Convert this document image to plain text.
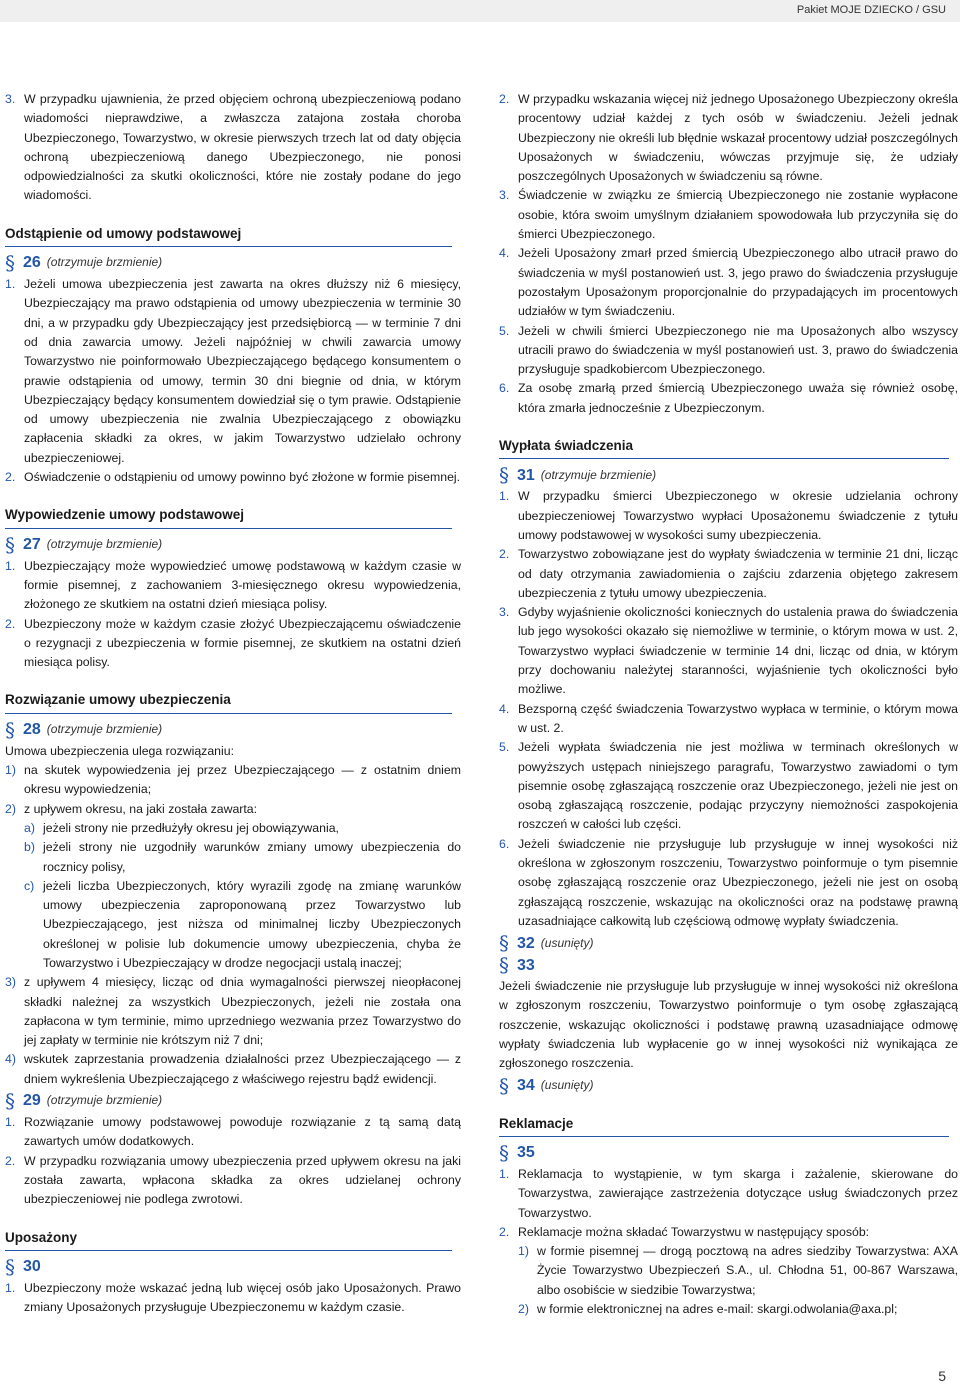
Pakiet MOJE DZIECKO / GSU
3. W przypadku ujawnienia, że przed objęciem ochroną ubezpieczeniową podano wiadomości nieprawdziwe, a zwłaszcza zatajona została choroba Ubezpieczonego, Towarzystwo, w okresie pierwszych trzech lat od daty objęcia ochroną ubezpieczeniową danego Ubezpieczonego, nie ponosi odpowiedzialności za skutki okoliczności, które nie zostały podane do jego wiadomości.
Odstąpienie od umowy podstawowej
§ 26 (otrzymuje brzmienie)
1. Jeżeli umowa ubezpieczenia jest zawarta na okres dłuższy niż 6 miesięcy, Ubezpieczający ma prawo odstąpienia od umowy ubezpieczenia w terminie 30 dni, a w przypadku gdy Ubezpieczający jest przedsiębiorcą — w terminie 7 dni od dnia zawarcia umowy. Jeżeli najpóźniej w chwili zawarcia umowy Towarzystwo nie poinformowało Ubezpieczającego będącego konsumentem o prawie odstąpienia od umowy, termin 30 dni biegnie od dnia, w którym Ubezpieczający będący konsumentem dowiedział się o tym prawie. Odstąpienie od umowy ubezpieczenia nie zwalnia Ubezpieczającego z obowiązku zapłacenia składki za okres, w jakim Towarzystwo udzielało ochrony ubezpieczeniowej.
2. Oświadczenie o odstąpieniu od umowy powinno być złożone w formie pisemnej.
Wypowiedzenie umowy podstawowej
§ 27 (otrzymuje brzmienie)
1. Ubezpieczający może wypowiedzieć umowę podstawową w każdym czasie w formie pisemnej, z zachowaniem 3-miesięcznego okresu wypowiedzenia, złożonego ze skutkiem na ostatni dzień miesiąca polisy.
2. Ubezpieczony może w każdym czasie złożyć Ubezpieczającemu oświadczenie o rezygnacji z ubezpieczenia w formie pisemnej, ze skutkiem na ostatni dzień miesiąca polisy.
Rozwiązanie umowy ubezpieczenia
§ 28 (otrzymuje brzmienie)

Umowa ubezpieczenia ulega rozwiązaniu:

1) na skutek wypowiedzenia jej przez Ubezpieczającego — z ostatnim dniem okresu wypowiedzenia;
2) z upływem okresu, na jaki została zawarta:
a) jeżeli strony nie przedłużyły okresu jej obowiązywania,
b) jeżeli strony nie uzgodniły warunków zmiany umowy ubezpieczenia do rocznicy polisy,
c) jeżeli liczba Ubezpieczonych, który wyrazili zgodę na zmianę warunków umowy ubezpieczenia zaproponowaną przez Towarzystwo lub Ubezpieczającego, jest niższa od minimalnej liczby Ubezpieczonych określonej w polisie lub dokumencie umowy ubezpieczenia, chyba że Towarzystwo i Ubezpieczający w drodze negocjacji ustalą inaczej;
3) z upływem 4 miesięcy, licząc od dnia wymagalności pierwszej nieopłaconej składki należnej za wszystkich Ubezpieczonych, jeżeli nie została ona zapłacona w tym terminie, mimo uprzedniego wezwania przez Towarzystwo do jej zapłaty w terminie nie krótszym niż 7 dni;
4) wskutek zaprzestania prowadzenia działalności przez Ubezpieczającego — z dniem wykreślenia Ubezpieczającego z właściwego rejestru bądź ewidencji.
§ 29 (otrzymuje brzmienie)
1. Rozwiązanie umowy podstawowej powoduje rozwiązanie z tą samą datą zawartych umów dodatkowych.
2. W przypadku rozwiązania umowy ubezpieczenia przed upływem okresu na jaki została zawarta, wpłacona składka za okres udzielanej ochrony ubezpieczeniowej nie podlega zwrotowi.
Uposażony
§ 30
1. Ubezpieczony może wskazać jedną lub więcej osób jako Uposażonych. Prawo zmiany Uposażonych przysługuje Ubezpieczonemu w każdym czasie.
2. W przypadku wskazania więcej niż jednego Uposażonego Ubezpieczony określa procentowy udział każdej z tych osób w świadczeniu. Jeżeli jednak Ubezpieczony nie określi lub błędnie wskazał procentowy udział poszczególnych Uposażonych w świadczeniu, wówczas przyjmuje się, że udziały poszczególnych Uposażonych w świadczeniu są równe.
3. Świadczenie w związku ze śmiercią Ubezpieczonego nie zostanie wypłacone osobie, która swoim umyślnym działaniem spowodowała lub przyczyniła się do śmierci Ubezpieczonego.
4. Jeżeli Uposażony zmarł przed śmiercią Ubezpieczonego albo utracił prawo do świadczenia w myśl postanowień ust. 3, jego prawo do świadczenia przysługuje pozostałym Uposażonym proporcjonalnie do przypadających im procentowych udziałów w tym świadczeniu.
5. Jeżeli w chwili śmierci Ubezpieczonego nie ma Uposażonych albo wszyscy utracili prawo do świadczenia w myśl postanowień ust. 3, prawo do świadczenia przysługuje spadkobiercom Ubezpieczonego.
6. Za osobę zmarłą przed śmiercią Ubezpieczonego uważa się również osobę, która zmarła jednocześnie z Ubezpieczonym.
Wypłata świadczenia
§ 31 (otrzymuje brzmienie)
1. W przypadku śmierci Ubezpieczonego w okresie udzielania ochrony ubezpieczeniowej Towarzystwo wypłaci Uposażonemu świadczenie z tytułu umowy podstawowej w wysokości sumy ubezpieczenia.
2. Towarzystwo zobowiązane jest do wypłaty świadczenia w terminie 21 dni, licząc od daty otrzymania zawiadomienia o zajściu zdarzenia objętego zakresem ubezpieczenia z tytułu umowy ubezpieczenia.
3. Gdyby wyjaśnienie okoliczności koniecznych do ustalenia prawa do świadczenia lub jego wysokości okazało się niemożliwe w terminie, o którym mowa w ust. 2, Towarzystwo wypłaci świadczenie w terminie 14 dni, licząc od dnia, w którym przy dochowaniu należytej staranności, wyjaśnienie tych okoliczności było możliwe.
4. Bezsporną część świadczenia Towarzystwo wypłaca w terminie, o którym mowa w ust. 2.
5. Jeżeli wypłata świadczenia nie jest możliwa w terminach określonych w powyższych ustępach niniejszego paragrafu, Towarzystwo zawiadomi o tym pisemnie osobę zgłaszającą roszczenie oraz Ubezpieczonego, jeżeli nie jest on osobą zgłaszającą roszczenie, podając przyczyny niemożności zaspokojenia roszczeń w całości lub części.
6. Jeżeli świadczenie nie przysługuje lub przysługuje w innej wysokości niż określona w zgłoszonym roszczeniu, Towarzystwo poinformuje o tym pisemnie osobę zgłaszającą roszczenie oraz Ubezpieczonego, jeżeli nie jest on osobą zgłaszającą roszczenie, wskazując na okoliczności oraz na podstawę prawną uzasadniające całkowitą lub częściową odmowę wypłaty świadczenia.
§ 32 (usunięty)
§ 33

Jeżeli świadczenie nie przysługuje lub przysługuje w innej wysokości niż określona w zgłoszonym roszczeniu, Towarzystwo poinformuje o tym osobę zgłaszającą roszczenie, wskazując okoliczności i podstawę prawną uzasadniające odmowę wypłaty świadczenia lub wypłacenie go w innej wysokości niż wynikająca ze zgłoszonego roszczenia.

§ 34 (usunięty)
Reklamacje
§ 35
1. Reklamacja to wystąpienie, w tym skarga i zażalenie, skierowane do Towarzystwa, zawierające zastrzeżenia dotyczące usług świadczonych przez Towarzystwo.
2. Reklamacje można składać Towarzystwu w następujący sposób:
1) w formie pisemnej — drogą pocztową na adres siedziby Towarzystwa: AXA Życie Towarzystwo Ubezpieczeń S.A., ul. Chłodna 51, 00-867 Warszawa, albo osobiście w siedzibie Towarzystwa;
2) w formie elektronicznej na adres e-mail: skargi.odwolania@axa.pl;
5
